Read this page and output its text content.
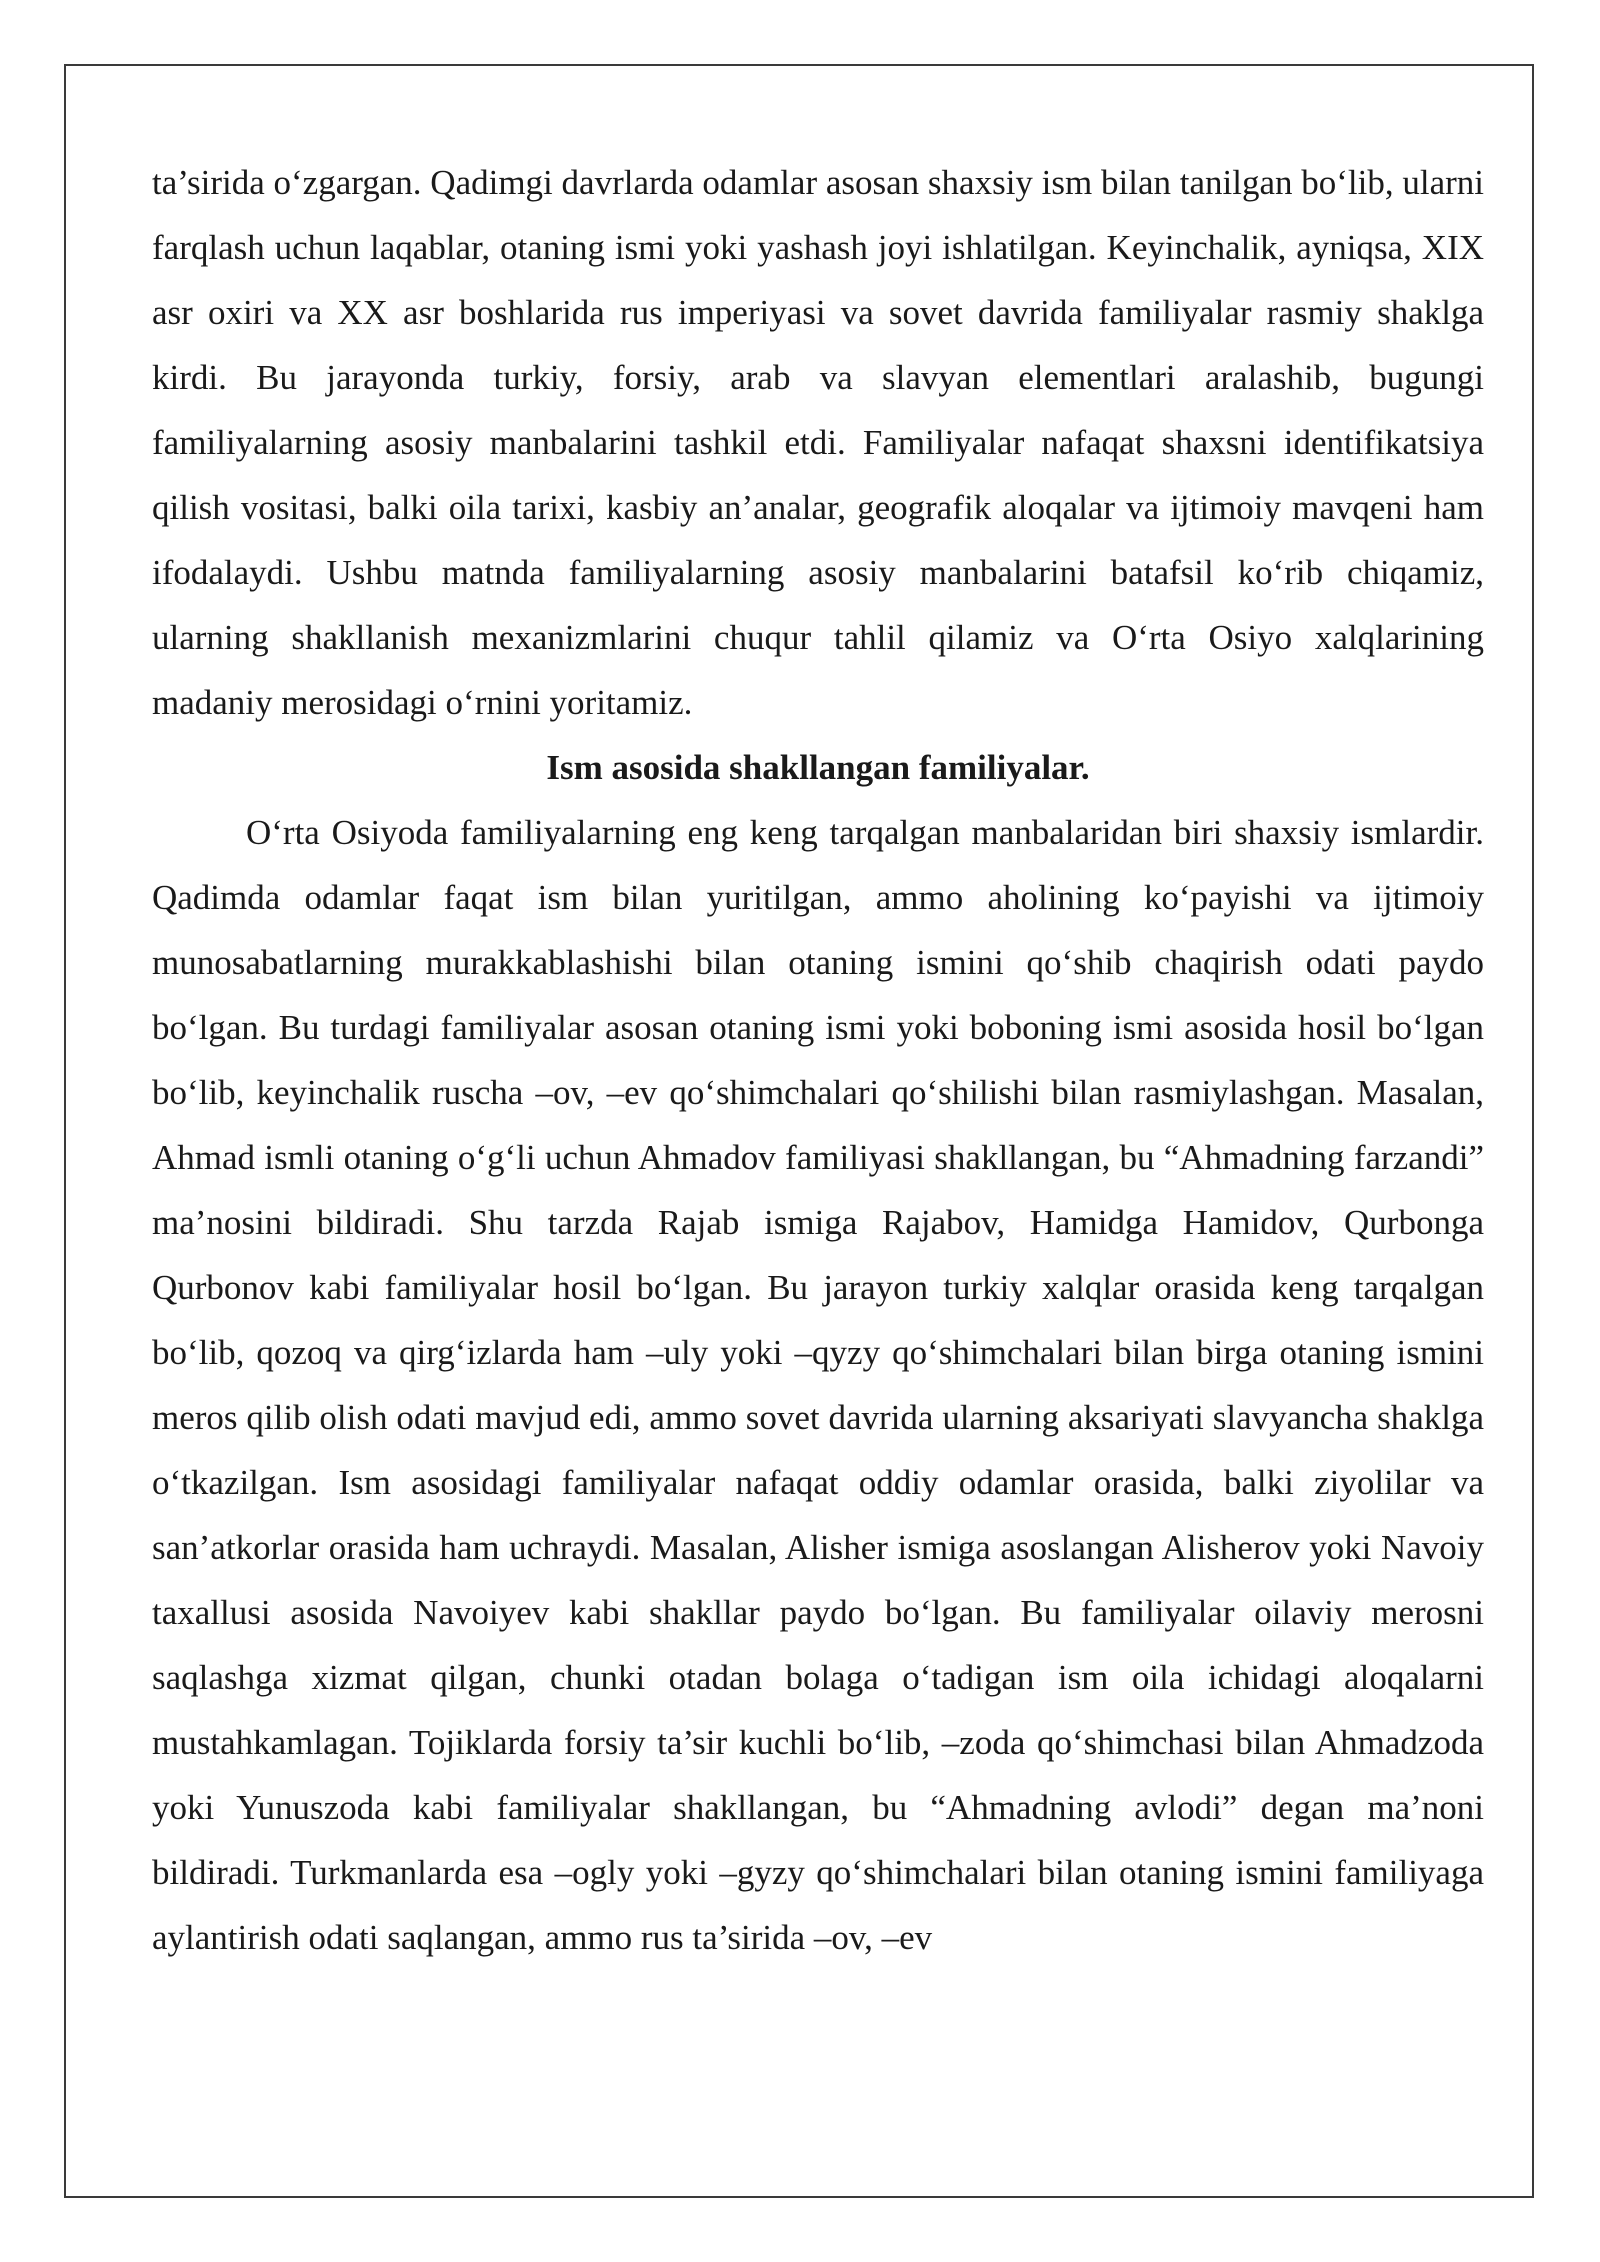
ta’sirida o‘zgargan. Qadimgi davrlarda odamlar asosan shaxsiy ism bilan tanilgan bo‘lib, ularni farqlash uchun laqablar, otaning ismi yoki yashash joyi ishlatilgan. Keyinchalik, ayniqsa, XIX asr oxiri va XX asr boshlarida rus imperiyasi va sovet davrida familiyalar rasmiy shaklga kirdi. Bu jarayonda turkiy, forsiy, arab va slavyan elementlari aralashib, bugungi familiyalarning asosiy manbalarini tashkil etdi. Familiyalar nafaqat shaxsni identifikatsiya qilish vositasi, balki oila tarixi, kasbiy an’analar, geografik aloqalar va ijtimoiy mavqeni ham ifodalaydi. Ushbu matnda familiyalarning asosiy manbalarini batafsil ko‘rib chiqamiz, ularning shakllanish mexanizmlarini chuqur tahlil qilamiz va O‘rta Osiyo xalqlarining madaniy merosidagi o‘rnini yoritamiz.

Ism asosida shakllangan familiyalar.

O‘rta Osiyoda familiyalarning eng keng tarqalgan manbalaridan biri shaxsiy ismlardir. Qadimda odamlar faqat ism bilan yuritilgan, ammo aholining ko‘payishi va ijtimoiy munosabatlarning murakkablashishi bilan otaning ismini qo‘shib chaqirish odati paydo bo‘lgan. Bu turdagi familiyalar asosan otaning ismi yoki boboning ismi asosida hosil bo‘lgan bo‘lib, keyinchalik ruscha –ov, –ev qo‘shimchalari qo‘shilishi bilan rasmiylashgan. Masalan, Ahmad ismli otaning o‘g‘li uchun Ahmadov familiyasi shakllangan, bu “Ahmadning farzandi” ma’nosini bildiradi. Shu tarzda Rajab ismiga Rajabov, Hamidga Hamidov, Qurbonga Qurbonov kabi familiyalar hosil bo‘lgan. Bu jarayon turkiy xalqlar orasida keng tarqalgan bo‘lib, qozoq va qirg‘izlarda ham –uly yoki –qyzy qo‘shimchalari bilan birga otaning ismini meros qilib olish odati mavjud edi, ammo sovet davrida ularning aksariyati slavyancha shaklga o‘tkazilgan. Ism asosidagi familiyalar nafaqat oddiy odamlar orasida, balki ziyolilar va san’atkorlar orasida ham uchraydi. Masalan, Alisher ismiga asoslangan Alisherov yoki Navoiy taxallusi asosida Navoiyev kabi shakllar paydo bo‘lgan. Bu familiyalar oilaviy merosni saqlashga xizmat qilgan, chunki otadan bolaga o‘tadigan ism oila ichidagi aloqalarni mustahkamlagan. Tojiklarda forsiy ta’sir kuchli bo‘lib, –zoda qo‘shimchasi bilan Ahmadzoda yoki Yunuszoda kabi familiyalar shakllangan, bu “Ahmadning avlodi” degan ma’noni bildiradi. Turkmanlarda esa –ogly yoki –gyzy qo‘shimchalari bilan otaning ismini familiyaga aylantirish odati saqlangan, ammo rus ta’sirida –ov, –ev
